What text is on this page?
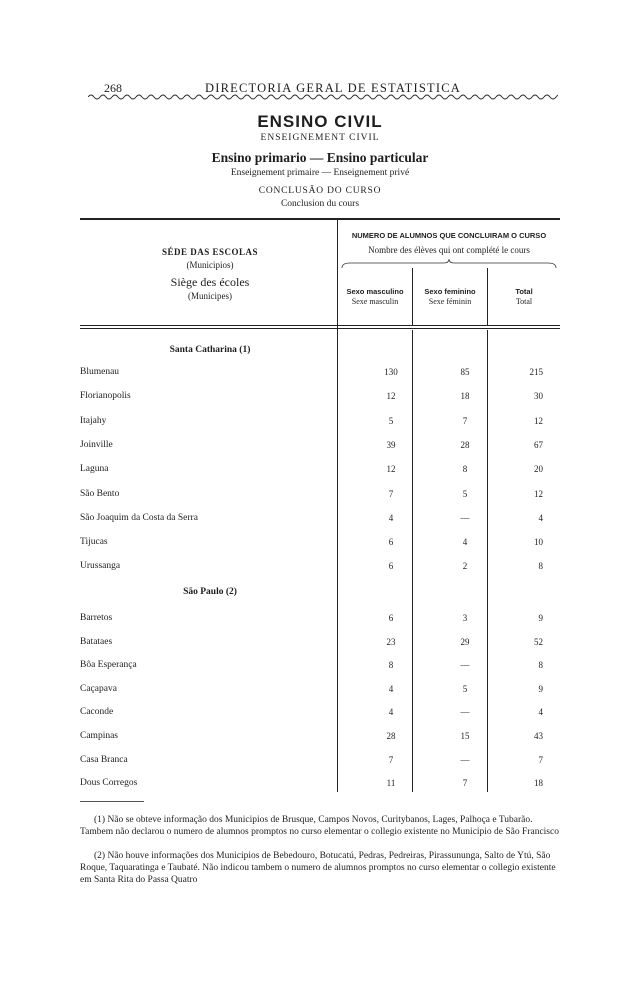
268	DIRECTORIA GERAL DE ESTATISTICA
ENSINO CIVIL
ENSEIGNEMENT CIVIL
Ensino primario — Ensino particular
Enseignement primaire — Enseignement privé
CONCLUSÃO DO CURSO
Conclusion du cours
SÉDE DAS ESCOLAS
(Municipios)
Siège des écoles
(Municipes)
NUMERO DE ALUMNOS QUE CONCLUIRAM O CURSO
Nombre des élèves qui ont complété le cours
Sexo masculino
Sexe masculin
Sexo feminino
Sexe féminin
Total
Total
Santa Catharina (1)
Blumenau	130	85	215
Florianopolis	12	18	30
Itajahy	5	7	12
Joinville	39	28	67
Laguna	12	8	20
São Bento	7	5	12
São Joaquim da Costa da Serra	4	—	4
Tijucas	6	4	10
Urussanga	6	2	8
São Paulo (2)
Barretos	6	3	9
Batataes	23	29	52
Bôa Esperança	8	—	8
Caçapava	4	5	9
Caconde	4	—	4
Campinas	28	15	43
Casa Branca	7	—	7
Dous Corregos	11	7	18
(1) Não se obteve informação dos Municipios de Brusque, Campos Novos, Curitybanos, Lages, Palhoça e Tubarão. Tambem não declarou o numero de alumnos promptos no curso elementar o collegio existente no Municipio de São Francisco
(2) Não houve informações dos Municipios de Bebedouro, Botucatú, Pedras, Pedreiras, Pirassununga, Salto de Ytú, São Roque, Taquaratinga e Taubaté. Não indicou tambem o numero de alumnos promptos no curso elementar o collegio existente em Santa Rita do Passa Quatro
